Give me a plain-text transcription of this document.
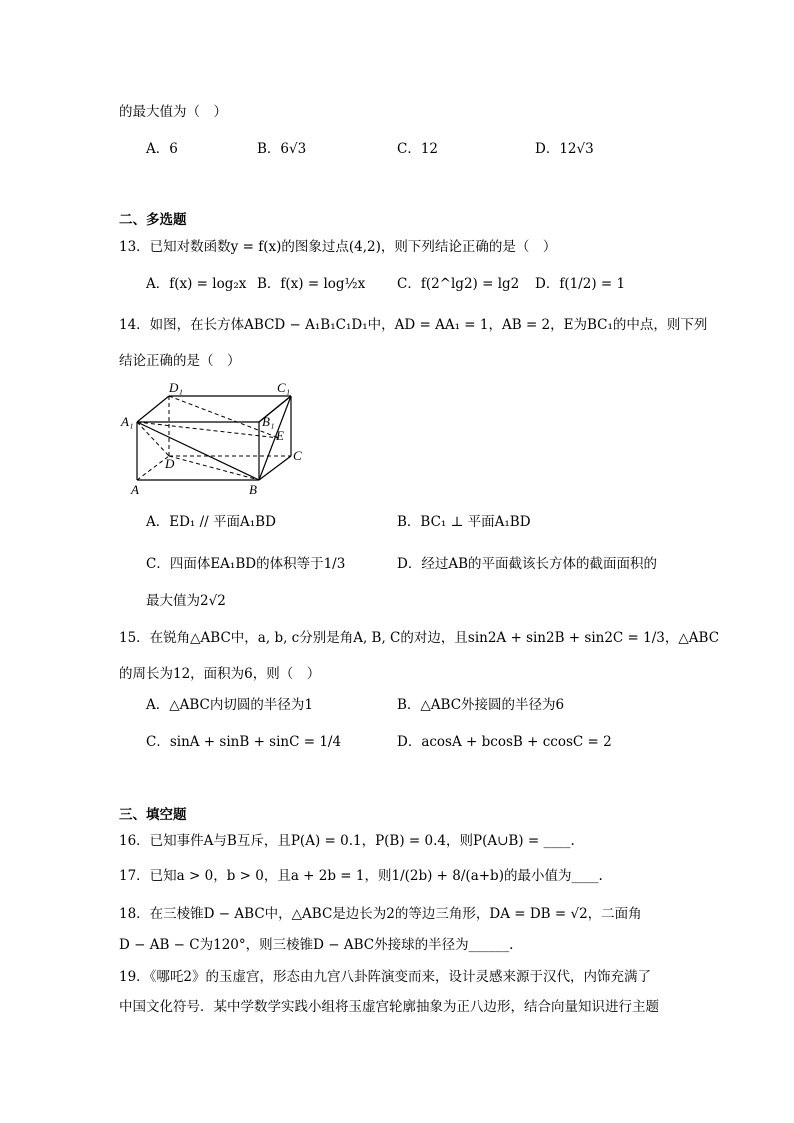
的最大值为（　）
A．6	B．6√3	C．12	D．12√3
二、多选题
13．已知对数函数y = f(x)的图象过点(4,2)，则下列结论正确的是（　）
A．f(x) = log₂x B．f(x) = log½x C．f(2^lg2) = lg2 D．f(1/2) = 1
14．如图，在长方体ABCD − A₁B₁C₁D₁中，AD = AA₁ = 1，AB = 2，E为BC₁的中点，则下列
结论正确的是（　）
D₁	C₁
A₁	B₁
E
D
C
A	B
A．ED₁ // 平面A₁BD	B．BC₁ ⊥ 平面A₁BD
C．四面体EA₁BD的体积等于1/3	D．经过AB的平面截该长方体的截面面积的
最大值为2√2
15．在锐角△ABC中，a, b, c分别是角A, B, C的对边，且sin2A + sin2B + sin2C = 1/3，△ABC
的周长为12，面积为6，则（　）
A．△ABC内切圆的半径为1	B．△ABC外接圆的半径为6
C．sinA + sinB + sinC = 1/4	D．acosA + bcosB + ccosC = 2
三、填空题
16．已知事件A与B互斥，且P(A) = 0.1，P(B) = 0.4，则P(A∪B) = ____.
17．已知a > 0，b > 0，且a + 2b = 1，则1/(2b) + 8/(a+b)的最小值为____.
18．在三棱锥D − ABC中，△ABC是边长为2的等边三角形，DA = DB = √2，二面角
D − AB − C为120°，则三棱锥D − ABC外接球的半径为______.
19．《哪吒2》的玉虚宫，形态由九宫八卦阵演变而来，设计灵感来源于汉代，内饰充满了
中国文化符号．某中学数学实践小组将玉虚宫轮廓抽象为正八边形，结合向量知识进行主题
